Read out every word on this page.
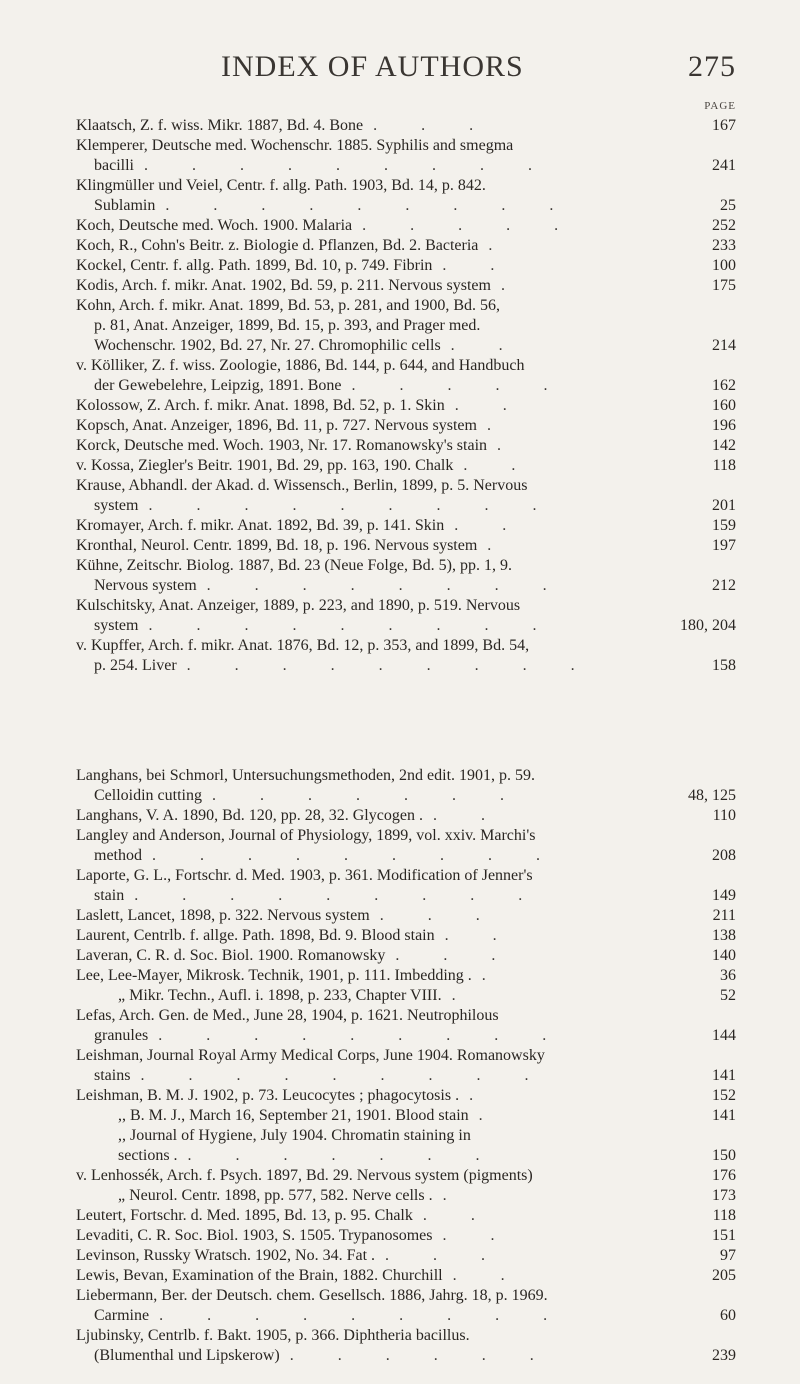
INDEX OF AUTHORS	275
PAGE
Klaatsch, Z. f. wiss. Mikr. 1887, Bd. 4. Bone . . .	167
Klemperer, Deutsche med. Wochenschr. 1885. Syphilis and smegma
bacilli . . . . . . . . .	241
Klingmüller und Veiel, Centr. f. allg. Path. 1903, Bd. 14, p. 842.
Sublamin . . . . . . . . .	25
Koch, Deutsche med. Woch. 1900. Malaria . . . . .	252
Koch, R., Cohn's Beitr. z. Biologie d. Pflanzen, Bd. 2. Bacteria .	233
Kockel, Centr. f. allg. Path. 1899, Bd. 10, p. 749. Fibrin . .	100
Kodis, Arch. f. mikr. Anat. 1902, Bd. 59, p. 211. Nervous system .	175
Kohn, Arch. f. mikr. Anat. 1899, Bd. 53, p. 281, and 1900, Bd. 56,
p. 81, Anat. Anzeiger, 1899, Bd. 15, p. 393, and Prager med.
Wochenschr. 1902, Bd. 27, Nr. 27. Chromophilic cells . .	214
v. Kölliker, Z. f. wiss. Zoologie, 1886, Bd. 144, p. 644, and Handbuch
der Gewebelehre, Leipzig, 1891. Bone . . . . .	162
Kolossow, Z. Arch. f. mikr. Anat. 1898, Bd. 52, p. 1. Skin . .	160
Kopsch, Anat. Anzeiger, 1896, Bd. 11, p. 727. Nervous system .	196
Korck, Deutsche med. Woch. 1903, Nr. 17. Romanowsky's stain .	142
v. Kossa, Ziegler's Beitr. 1901, Bd. 29, pp. 163, 190. Chalk . .	118
Krause, Abhandl. der Akad. d. Wissensch., Berlin, 1899, p. 5. Nervous
system . . . . . . . . .	201
Kromayer, Arch. f. mikr. Anat. 1892, Bd. 39, p. 141. Skin . .	159
Kronthal, Neurol. Centr. 1899, Bd. 18, p. 196. Nervous system .	197
Kühne, Zeitschr. Biolog. 1887, Bd. 23 (Neue Folge, Bd. 5), pp. 1, 9.
Nervous system . . . . . . . .	212
Kulschitsky, Anat. Anzeiger, 1889, p. 223, and 1890, p. 519. Nervous
system . . . . . . . . .	180, 204
v. Kupffer, Arch. f. mikr. Anat. 1876, Bd. 12, p. 353, and 1899, Bd. 54,
p. 254. Liver . . . . . . . . .	158
Langhans, bei Schmorl, Untersuchungsmethoden, 2nd edit. 1901, p. 59.
Celloidin cutting . . . . . . .	48, 125
Langhans, V. A. 1890, Bd. 120, pp. 28, 32. Glycogen . . .	110
Langley and Anderson, Journal of Physiology, 1899, vol. xxiv. Marchi's
method . . . . . . . . .	208
Laporte, G. L., Fortschr. d. Med. 1903, p. 361. Modification of Jenner's
stain . . . . . . . . .	149
Laslett, Lancet, 1898, p. 322. Nervous system . . .	211
Laurent, Centrlb. f. allge. Path. 1898, Bd. 9. Blood stain . .	138
Laveran, C. R. d. Soc. Biol. 1900. Romanowsky . . .	140
Lee, Lee-Mayer, Mikrosk. Technik, 1901, p. 111. Imbedding . .	36
„ Mikr. Techn., Aufl. i. 1898, p. 233, Chapter VIII. .	52
Lefas, Arch. Gen. de Med., June 28, 1904, p. 1621. Neutrophilous
granules . . . . . . . . .	144
Leishman, Journal Royal Army Medical Corps, June 1904. Romanowsky
stains . . . . . . . . .	141
Leishman, B. M. J. 1902, p. 73. Leucocytes ; phagocytosis . .	152
,, B. M. J., March 16, September 21, 1901. Blood stain .	141
,, Journal of Hygiene, July 1904. Chromatin staining in
sections . . . . . . . .	150
v. Lenhossék, Arch. f. Psych. 1897, Bd. 29. Nervous system (pigments)	176
„ Neurol. Centr. 1898, pp. 577, 582. Nerve cells . .	173
Leutert, Fortschr. d. Med. 1895, Bd. 13, p. 95. Chalk . .	118
Levaditi, C. R. Soc. Biol. 1903, S. 1505. Trypanosomes . .	151
Levinson, Russky Wratsch. 1902, No. 34. Fat . . . .	97
Lewis, Bevan, Examination of the Brain, 1882. Churchill . .	205
Liebermann, Ber. der Deutsch. chem. Gesellsch. 1886, Jahrg. 18, p. 1969.
Carmine . . . . . . . . .	60
Ljubinsky, Centrlb. f. Bakt. 1905, p. 366. Diphtheria bacillus.
(Blumenthal und Lipskerow) . . . . . .	239
